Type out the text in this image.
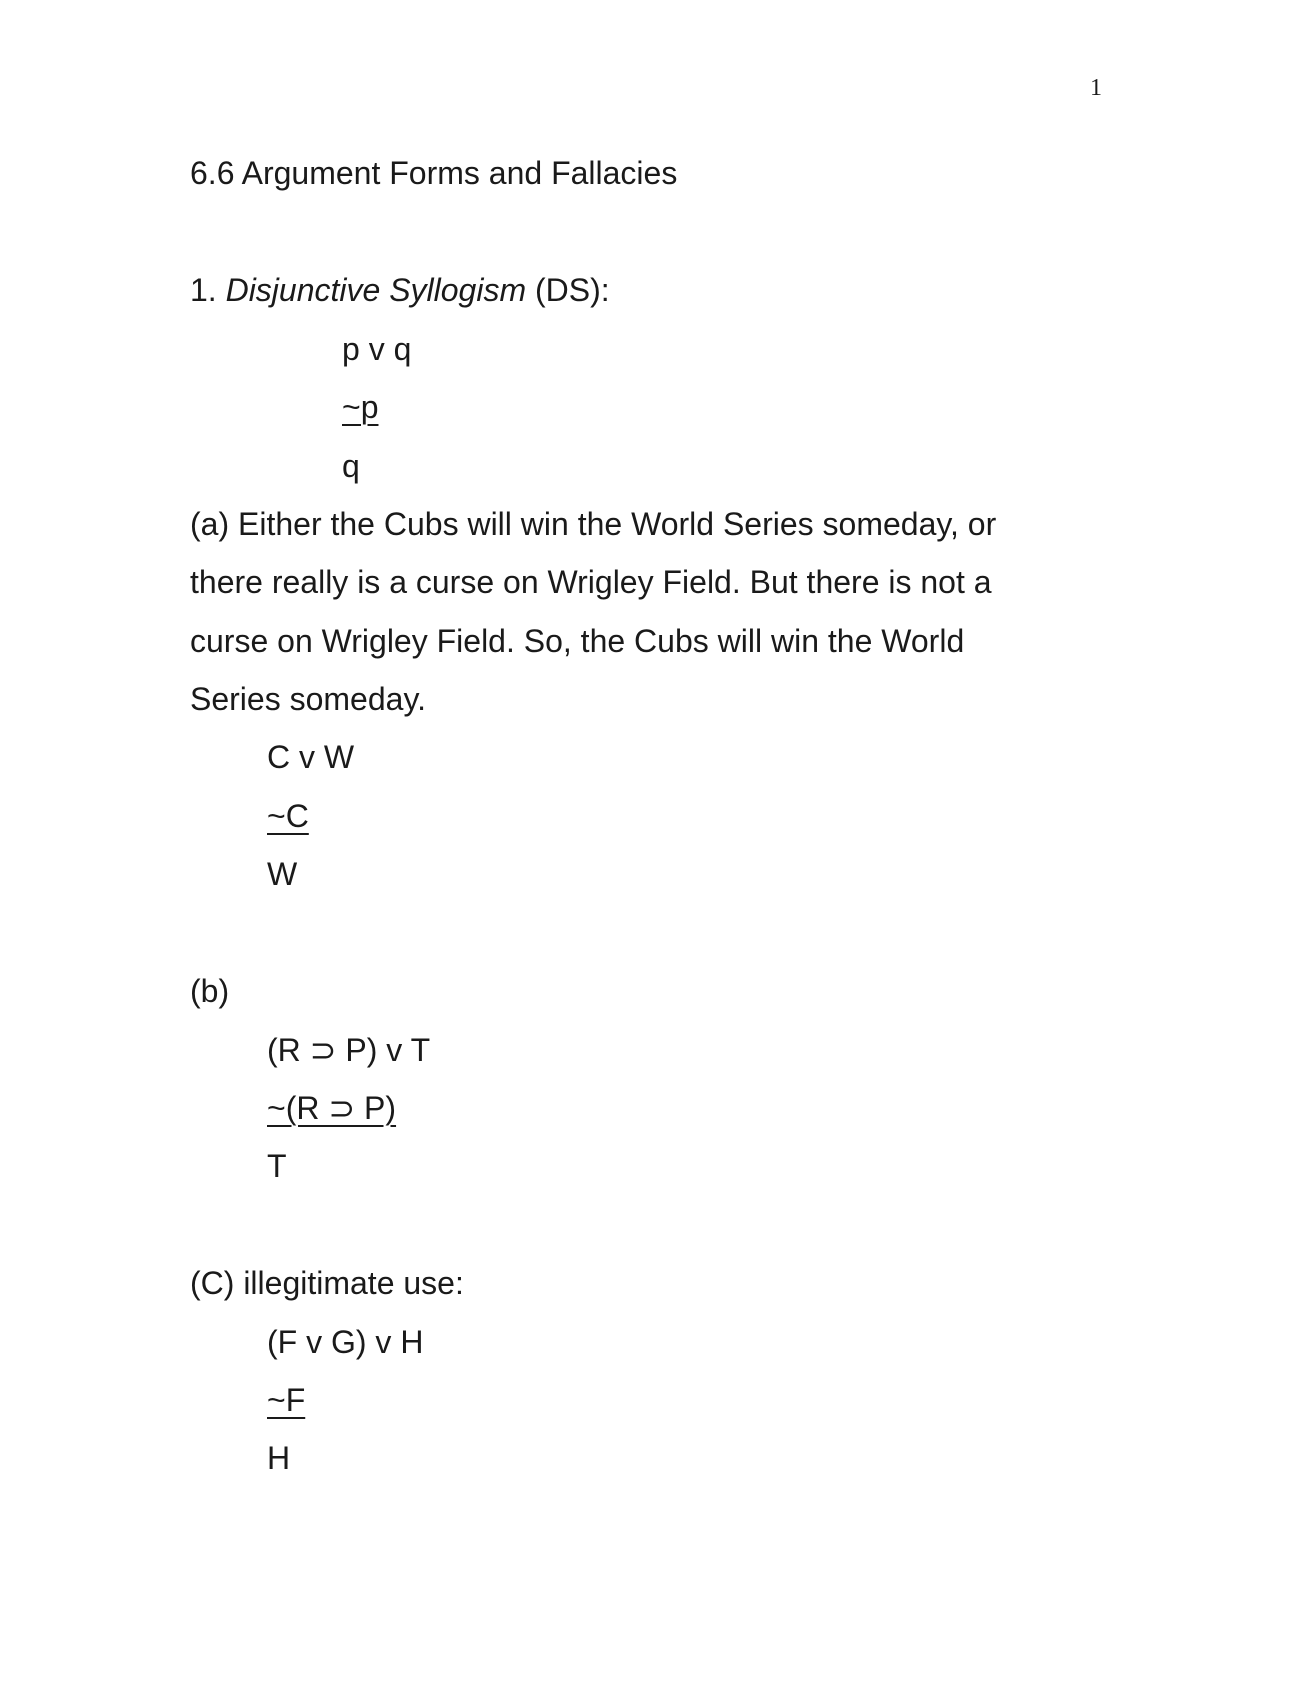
1
6.6 Argument Forms and Fallacies
1. Disjunctive Syllogism (DS):
p v q
~p
q
(a) Either the Cubs will win the World Series someday, or
there really is a curse on Wrigley Field. But there is not a
curse on Wrigley Field. So, the Cubs will win the World
Series someday.
C v W
~C
W
(b)
(R ⊃ P) v T
~(R ⊃ P)
T
(C) illegitimate use:
(F v G) v H
~F
H
